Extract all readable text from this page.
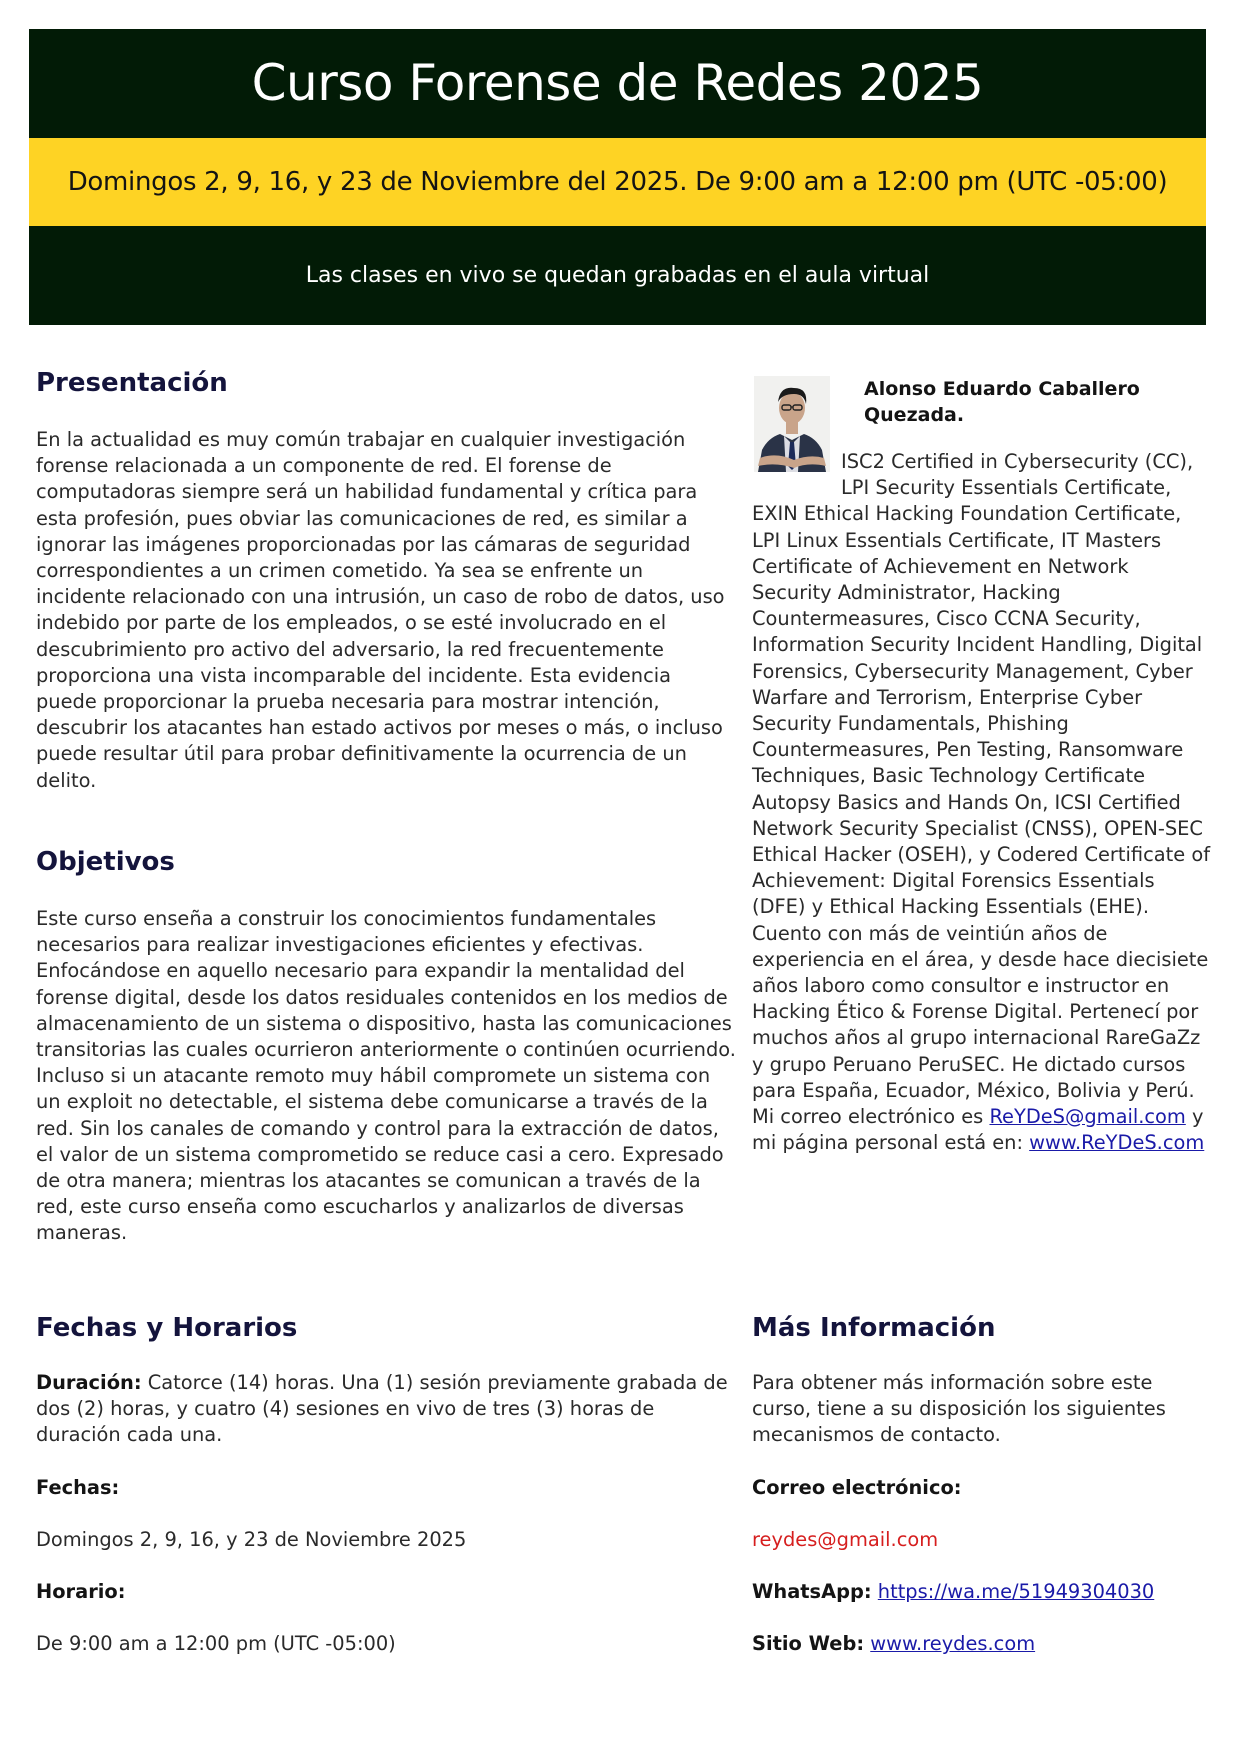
Curso Forense de Redes 2025
Domingos 2, 9, 16, y 23 de Noviembre del 2025. De 9:00 am a 12:00 pm (UTC -05:00)
Las clases en vivo se quedan grabadas en el aula virtual
Presentación

En la actualidad es muy común trabajar en cualquier investigación forense relacionada a un componente de red. El forense de computadoras siempre será un habilidad fundamental y crítica para esta profesión, pues obviar las comunicaciones de red, es similar a ignorar las imágenes proporcionadas por las cámaras de seguridad correspondientes a un crimen cometido. Ya sea se enfrente un incidente relacionado con una intrusión, un caso de robo de datos, uso indebido por parte de los empleados, o se esté involucrado en el descubrimiento pro activo del adversario, la red frecuentemente proporciona una vista incomparable del incidente. Esta evidencia puede proporcionar la prueba necesaria para mostrar intención, descubrir los atacantes han estado activos por meses o más, o incluso puede resultar útil para probar definitivamente la ocurrencia de un delito.

Objetivos

Este curso enseña a construir los conocimientos fundamentales necesarios para realizar investigaciones eficientes y efectivas. Enfocándose en aquello necesario para expandir la mentalidad del forense digital, desde los datos residuales contenidos en los medios de almacenamiento de un sistema o dispositivo, hasta las comunicaciones transitorias las cuales ocurrieron anteriormente o continúen ocurriendo. Incluso si un atacante remoto muy hábil compromete un sistema con un exploit no detectable, el sistema debe comunicarse a través de la red. Sin los canales de comando y control para la extracción de datos, el valor de un sistema comprometido se reduce casi a cero. Expresado de otra manera; mientras los atacantes se comunican a través de la red, este curso enseña como escucharlos y analizarlos de diversas maneras.

Alonso Eduardo Caballero Quezada.
ISC2 Certified in Cybersecurity (CC), LPI Security Essentials Certificate, EXIN Ethical Hacking Foundation Certificate, LPI Linux Essentials Certificate, IT Masters Certificate of Achievement en Network Security Administrator, Hacking Countermeasures, Cisco CCNA Security, Information Security Incident Handling, Digital Forensics, Cybersecurity Management, Cyber Warfare and Terrorism, Enterprise Cyber Security Fundamentals, Phishing Countermeasures, Pen Testing, Ransomware Techniques, Basic Technology Certificate Autopsy Basics and Hands On, ICSI Certified Network Security Specialist (CNSS), OPEN-SEC Ethical Hacker (OSEH), y Codered Certificate of Achievement: Digital Forensics Essentials (DFE) y Ethical Hacking Essentials (EHE). Cuento con más de veintiún años de experiencia en el área, y desde hace diecisiete años laboro como consultor e instructor en Hacking Ético & Forense Digital. Pertenecí por muchos años al grupo internacional RareGaZz y grupo Peruano PeruSEC. He dictado cursos para España, Ecuador, México, Bolivia y Perú. Mi correo electrónico es ReYDeS@gmail.com y mi página personal está en: www.ReYDeS.com
Fechas y Horarios

Duración: Catorce (14) horas. Una (1) sesión previamente grabada de dos (2) horas, y cuatro (4) sesiones en vivo de tres (3) horas de duración cada una.

Fechas:

Domingos 2, 9, 16, y 23 de Noviembre 2025

Horario:

De 9:00 am a 12:00 pm (UTC -05:00)

Más Información

Para obtener más información sobre este curso, tiene a su disposición los siguientes mecanismos de contacto.

Correo electrónico:

reydes@gmail.com

WhatsApp: https://wa.me/51949304030

Sitio Web: www.reydes.com
